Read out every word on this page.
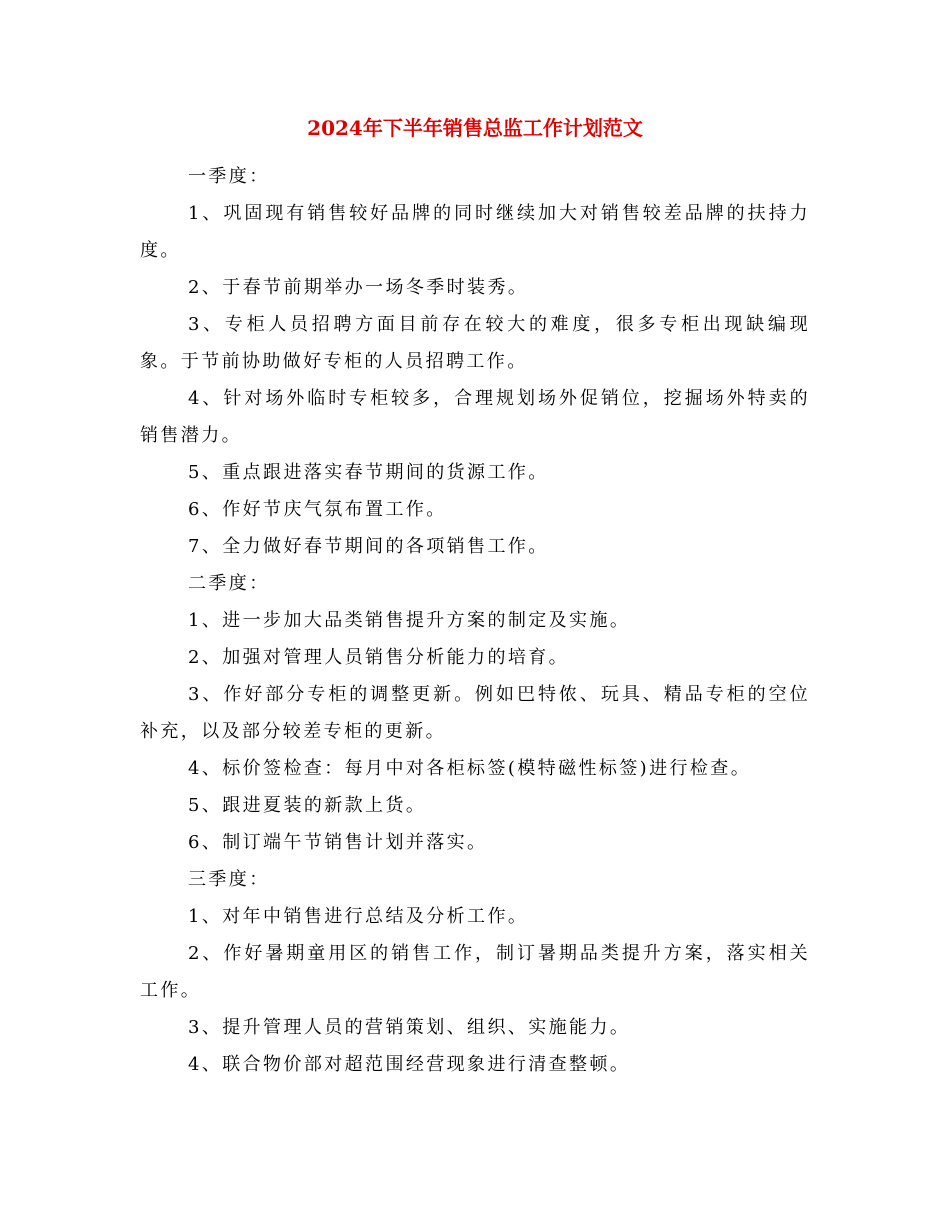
2024年下半年销售总监工作计划范文

一季度：

1、巩固现有销售较好品牌的同时继续加大对销售较差品牌的扶持力度。

2、于春节前期举办一场冬季时装秀。

3、专柜人员招聘方面目前存在较大的难度，很多专柜出现缺编现象。于节前协助做好专柜的人员招聘工作。

4、针对场外临时专柜较多，合理规划场外促销位，挖掘场外特卖的销售潜力。

5、重点跟进落实春节期间的货源工作。

6、作好节庆气氛布置工作。

7、全力做好春节期间的各项销售工作。

二季度：

1、进一步加大品类销售提升方案的制定及实施。

2、加强对管理人员销售分析能力的培育。

3、作好部分专柜的调整更新。例如巴特侬、玩具、精品专柜的空位补充，以及部分较差专柜的更新。

4、标价签检查：每月中对各柜标签(模特磁性标签)进行检查。

5、跟进夏装的新款上货。

6、制订端午节销售计划并落实。

三季度：

1、对年中销售进行总结及分析工作。

2、作好暑期童用区的销售工作，制订暑期品类提升方案，落实相关工作。

3、提升管理人员的营销策划、组织、实施能力。

4、联合物价部对超范围经营现象进行清查整顿。
